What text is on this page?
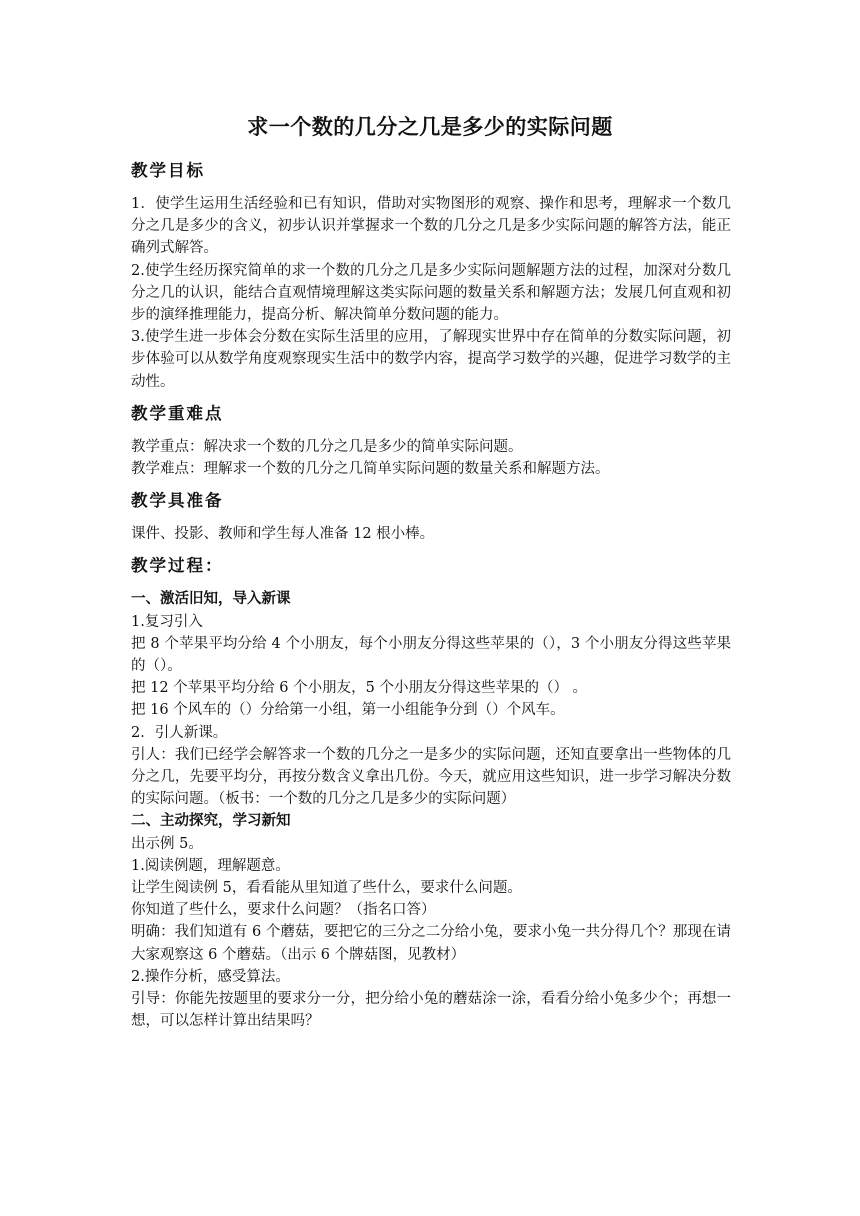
求一个数的几分之几是多少的实际问题
教学目标
1．使学生运用生活经验和已有知识，借助对实物图形的观察、操作和思考，理解求一个数几分之几是多少的含义，初步认识并掌握求一个数的几分之几是多少实际问题的解答方法，能正确列式解答。
2.使学生经历探究简单的求一个数的几分之几是多少实际问题解题方法的过程，加深对分数几分之几的认识，能结合直观情境理解这类实际问题的数量关系和解题方法；发展几何直观和初步的演绎推理能力，提高分析、解决简单分数问题的能力。
3.使学生进一步体会分数在实际生活里的应用，了解现实世界中存在简单的分数实际问题，初步体验可以从数学角度观察现实生活中的数学内容，提高学习数学的兴趣，促进学习数学的主动性。
教学重难点
教学重点：解决求一个数的几分之几是多少的简单实际问题。
教学难点：理解求一个数的几分之几简单实际问题的数量关系和解题方法。
教学具准备
课件、投影、教师和学生每人准备 12 根小棒。
教学过程：
一、激活旧知，导入新课
1.复习引入
把 8 个苹果平均分给 4 个小朋友，每个小朋友分得这些苹果的（），3 个小朋友分得这些苹果的（）。
把 12 个苹果平均分给 6 个小朋友，5 个小朋友分得这些苹果的（） 。
把 16 个风车的（）分给第一小组，第一小组能争分到（）个风车。
2．引人新课。
引人：我们已经学会解答求一个数的几分之一是多少的实际问题，还知直要拿出一些物体的几分之几，先要平均分，再按分数含义拿出几份。今天，就应用这些知识，进一步学习解决分数的实际问题。（板书：一个数的几分之几是多少的实际问题）
二、主动探究，学习新知
出示例 5。
1.阅读例题，理解题意。
让学生阅读例 5，看看能从里知道了些什么，要求什么问题。
你知道了些什么，要求什么问题？（指名口答）
明确：我们知道有 6 个蘑菇，要把它的三分之二分给小兔，要求小兔一共分得几个？那现在请大家观察这 6 个蘑菇。（出示 6 个牌菇图，见教材）
2.操作分析，感受算法。
引导：你能先按题里的要求分一分，把分给小兔的蘑菇涂一涂，看看分给小兔多少个；再想一想，可以怎样计算出结果吗？
